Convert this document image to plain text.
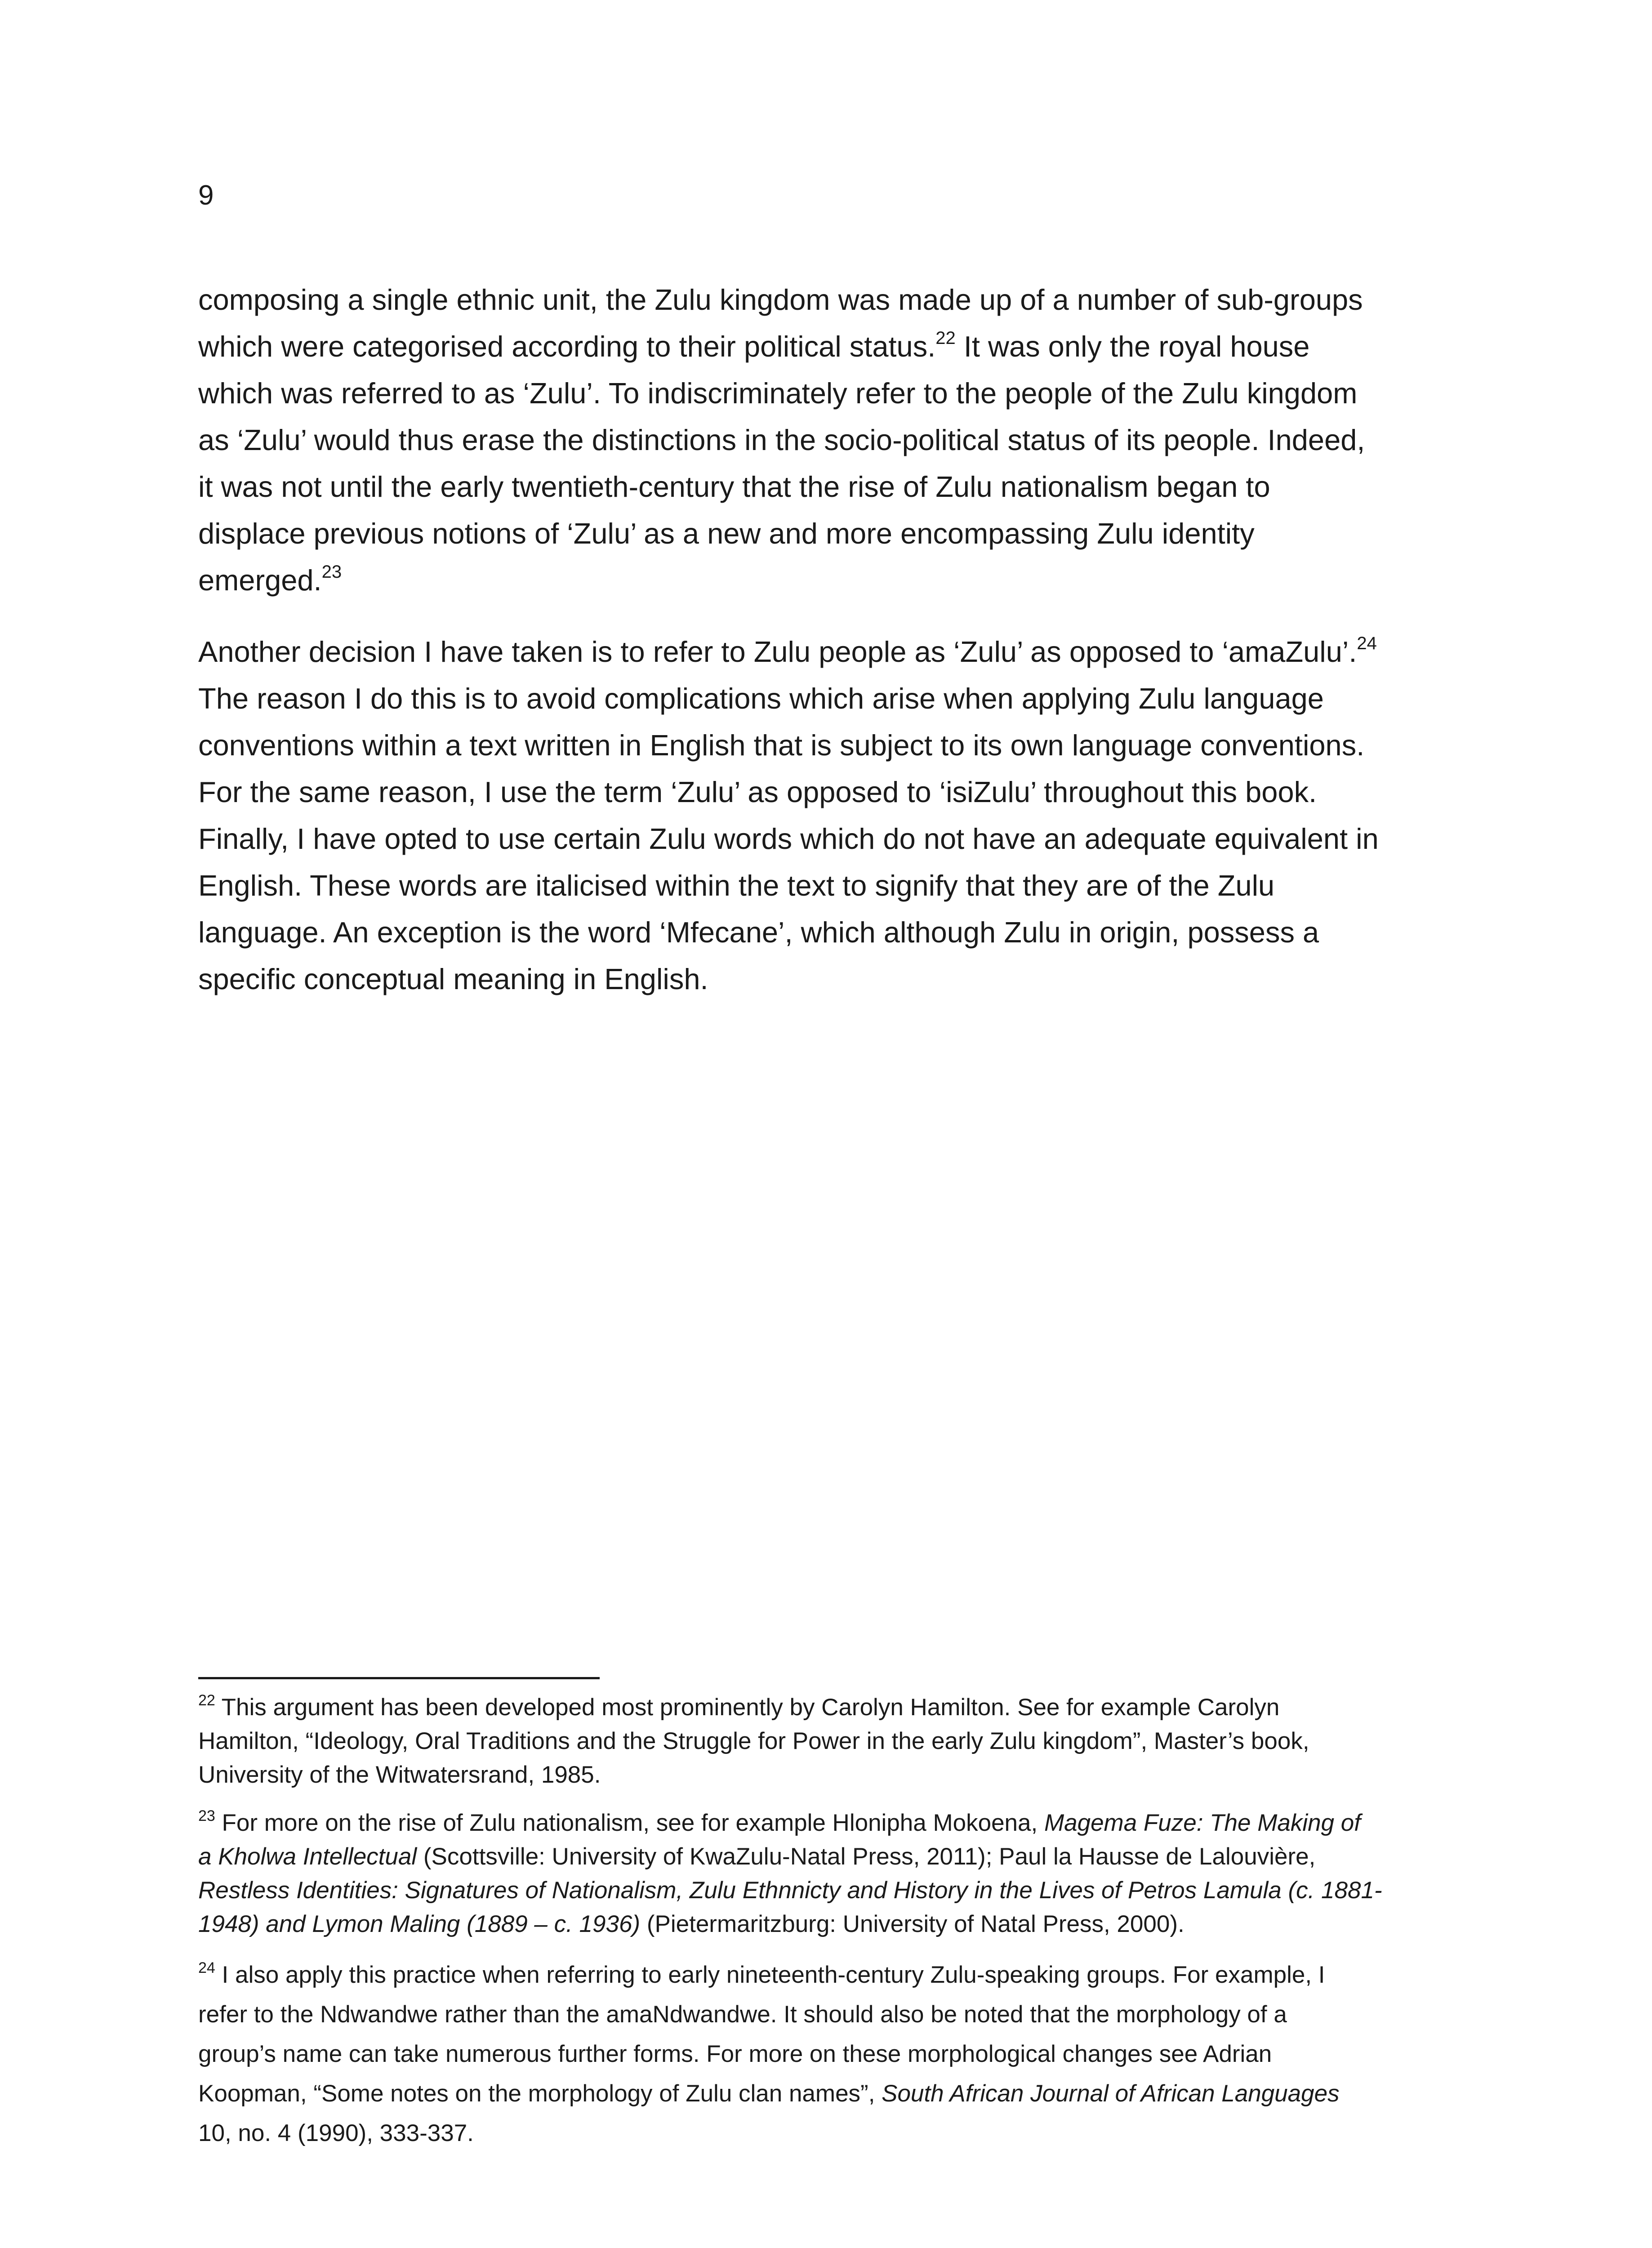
9

composing a single ethnic unit, the Zulu kingdom was made up of a number of sub-groups
which were categorised according to their political status.$^{22}$ It was only the royal house
which was referred to as ‘Zulu’. To indiscriminately refer to the people of the Zulu kingdom
as ‘Zulu’ would thus erase the distinctions in the socio-political status of its people. Indeed,
it was not until the early twentieth-century that the rise of Zulu nationalism began to
displace previous notions of ‘Zulu’ as a new and more encompassing Zulu identity
emerged.$^{23}$

Another decision I have taken is to refer to Zulu people as ‘Zulu’ as opposed to ‘amaZulu’.$^{24}$
The reason I do this is to avoid complications which arise when applying Zulu language
conventions within a text written in English that is subject to its own language conventions.
For the same reason, I use the term ‘Zulu’ as opposed to ‘isiZulu’ throughout this book.
Finally, I have opted to use certain Zulu words which do not have an adequate equivalent in
English. These words are italicised within the text to signify that they are of the Zulu
language. An exception is the word ‘Mfecane’, which although Zulu in origin, possess a
specific conceptual meaning in English.

$^{22}$ This argument has been developed most prominently by Carolyn Hamilton. See for example Carolyn
Hamilton, “Ideology, Oral Traditions and the Struggle for Power in the early Zulu kingdom”, Master’s book,
University of the Witwatersrand, 1985.

$^{23}$ For more on the rise of Zulu nationalism, see for example Hlonipha Mokoena, Magema Fuze: The Making of
a Kholwa Intellectual (Scottsville: University of KwaZulu-Natal Press, 2011); Paul la Hausse de Lalouvière,
Restless Identities: Signatures of Nationalism, Zulu Ethnnicty and History in the Lives of Petros Lamula (c. 1881-
1948) and Lymon Maling (1889 – c. 1936) (Pietermaritzburg: University of Natal Press, 2000).

$^{24}$ I also apply this practice when referring to early nineteenth-century Zulu-speaking groups. For example, I
refer to the Ndwandwe rather than the amaNdwandwe. It should also be noted that the morphology of a
group’s name can take numerous further forms. For more on these morphological changes see Adrian
Koopman, “Some notes on the morphology of Zulu clan names”, South African Journal of African Languages
10, no. 4 (1990), 333-337.
